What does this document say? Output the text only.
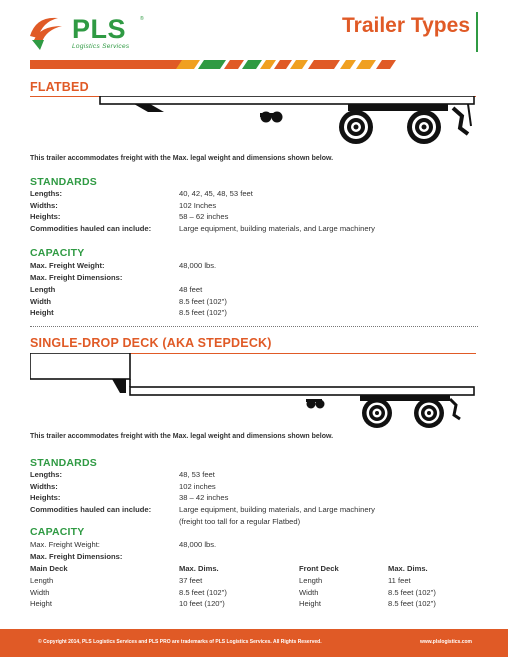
PLS	®
Logistics Services
Trailer Types
FLATBED
This trailer accommodates freight with the Max. legal weight and dimensions shown below.
STANDARDS
Lengths:	40, 42, 45, 48, 53 feet
Widths:	102 Inches
Heights:	58 – 62 inches
Commodities hauled can include:	Large equipment, building materials, and Large machinery
CAPACITY
Max. Freight Weight:	48,000 lbs.
Max. Freight Dimensions:
Length	48 feet
Width	8.5 feet (102")
Height	8.5 feet (102")
SINGLE-DROP DECK (AKA STEPDECK)
This trailer accommodates freight with the Max. legal weight and dimensions shown below.
STANDARDS
Lengths:	48, 53 feet
Widths:	102 inches
Heights:	38 – 42 inches
Commodities hauled can include:	Large equipment, building materials, and Large machinery
(freight too tall for a regular Flatbed)
CAPACITY
Max. Freight Weight:	48,000 lbs.
Max. Freight Dimensions:
Main Deck	Max. Dims.	Front Deck	Max. Dims.
Length	37 feet	Length	11 feet
Width	8.5 feet (102")	Width	8.5 feet (102")
Height	10 feet (120")	Height	8.5 feet (102")
© Copyright 2014, PLS Logistics Services and PLS PRO are trademarks of PLS Logistics Services. All Rights Reserved.	www.plslogistics.com
